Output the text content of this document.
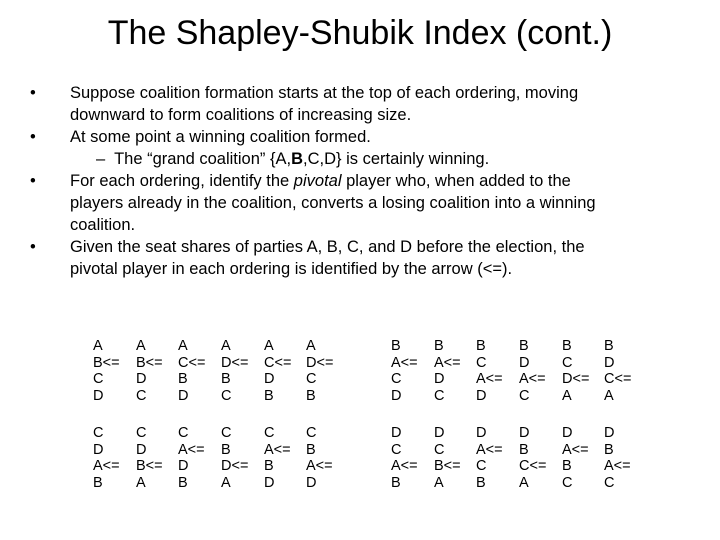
The Shapley-Shubik Index (cont.)
• Suppose coalition formation starts at the top of each ordering, moving
downward to form coalitions of increasing size.
• At some point a winning coalition formed.
– The “grand coalition” {A,B,C,D} is certainly winning.
• For each ordering, identify the pivotal player who, when added to the
players already in the coalition, converts a losing coalition into a winning
coalition.
• Given the seat shares of parties A, B, C, and D before the election, the
pivotal player in each ordering is identified by the arrow (<=).
A
B<=
C
D
A
B<=
D
C
A
C<=
B
D
A
D<=
B
C
A
C<=
D
B
A
D<=
C
B
B
A<=
C
D
B
A<=
D
C
B
C
A<=
D
B
D
A<=
C
B
C
D<=
A
B
D
C<=
A
C
D
A<=
B
C
D
B<=
A
C
A<=
D
B
C
B
D<=
A
C
A<=
B
D
C
B
A<=
D
D
C
A<=
B
D
C
B<=
A
D
A<=
C
B
D
B
C<=
A
D
A<=
B
C
D
B
A<=
C
